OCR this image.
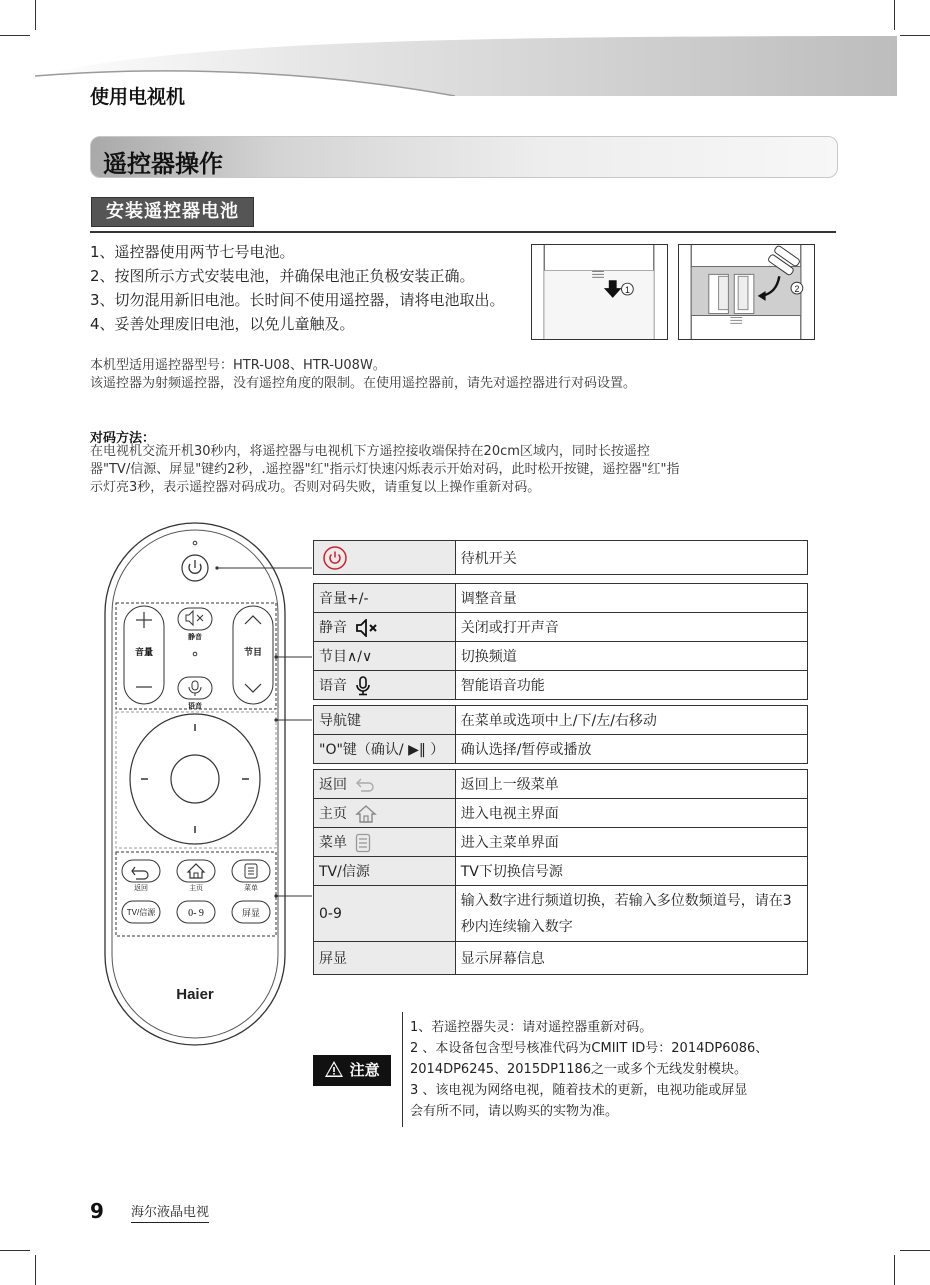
使用电视机
遥控器操作
安装遥控器电池
1、遥控器使用两节七号电池。
2、按图所示方式安装电池，并确保电池正负极安装正确。
3、切勿混用新旧电池。长时间不使用遥控器，请将电池取出。
4、妥善处理废旧电池，以免儿童触及。
1	2
本机型适用遥控器型号：HTR-U08、HTR-U08W。
该遥控器为射频遥控器，没有遥控角度的限制。在使用遥控器前，请先对遥控器进行对码设置。
对码方法：
在电视机交流开机30秒内，将遥控器与电视机下方遥控接收端保持在20cm区域内，同时长按遥控
器"TV/信源、屏显"键约2秒，.遥控器"红"指示灯快速闪烁表示开始对码，此时松开按键，遥控器"红"指
示灯亮3秒，表示遥控器对码成功。否则对码失败，请重复以上操作重新对码。
音量	节目
静音
语音
返回	主页	菜单
TV/信源	0- 9	屏显
Haier
	待机开关
音量+/-	调整音量
静音	关闭或打开声音
节目∧/∨	切换频道
语音	智能语音功能
导航键	在菜单或选项中上/下/左/右移动
"O"键（确认/ ▶‖ ）	确认选择/暂停或播放
返回	返回上一级菜单
主页	进入电视主界面
菜单	进入主菜单界面
TV/信源	TV下切换信号源
0-9	输入数字进行频道切换，若输入多位数频道号，请在3秒内连续输入数字
屏显	显示屏幕信息
注意
1、若遥控器失灵：请对遥控器重新对码。
2 、本设备包含型号核准代码为CMIIT ID号：2014DP6086、
2014DP6245、2015DP1186之一或多个无线发射模块。
3 、该电视为网络电视，随着技术的更新，电视功能或屏显
会有所不同，请以购买的实物为准。
9 海尔液晶电视
